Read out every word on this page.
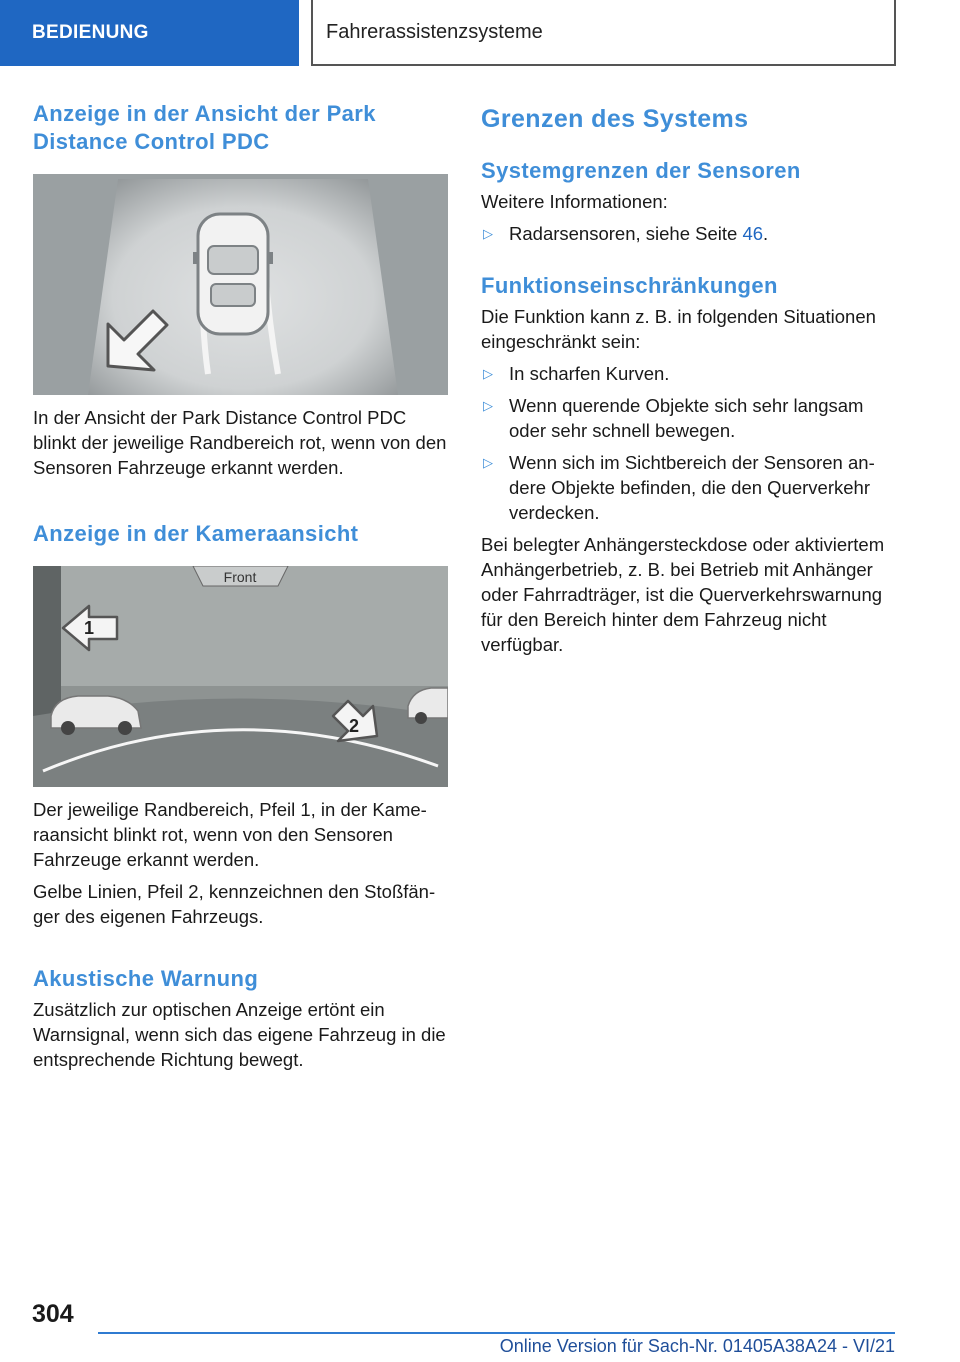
BEDIENUNG	Fahrerassistenzsysteme
Anzeige in der Ansicht der Park Distance Control PDC

In der Ansicht der Park Distance Control PDC blinkt der jeweilige Randbereich rot, wenn von den Sensoren Fahrzeuge erkannt werden.

Anzeige in der Kameraansicht
Front
1
2

Der jeweilige Randbereich, Pfeil 1, in der Kameraansicht blinkt rot, wenn von den Sensoren Fahrzeuge erkannt werden.

Gelbe Linien, Pfeil 2, kennzeichnen den Stoßfänger des eigenen Fahrzeugs.

Akustische Warnung

Zusätzlich zur optischen Anzeige ertönt ein Warnsignal, wenn sich das eigene Fahrzeug in die entsprechende Richtung bewegt.

Grenzen des Systems
Systemgrenzen der Sensoren

Weitere Informationen:

▷ Radarsensoren, siehe Seite 46.
Funktionseinschränkungen

Die Funktion kann z. B. in folgenden Situationen eingeschränkt sein:

▷ In scharfen Kurven.
▷ Wenn querende Objekte sich sehr langsam oder sehr schnell bewegen.
▷ Wenn sich im Sichtbereich der Sensoren andere Objekte befinden, die den Querverkehr verdecken.

Bei belegter Anhängersteckdose oder aktiviertem Anhängerbetrieb, z. B. bei Betrieb mit Anhänger oder Fahrradträger, ist die Querverkehrswarnung für den Bereich hinter dem Fahrzeug nicht verfügbar.

304
Online Version für Sach-Nr. 01405A38A24 - VI/21
